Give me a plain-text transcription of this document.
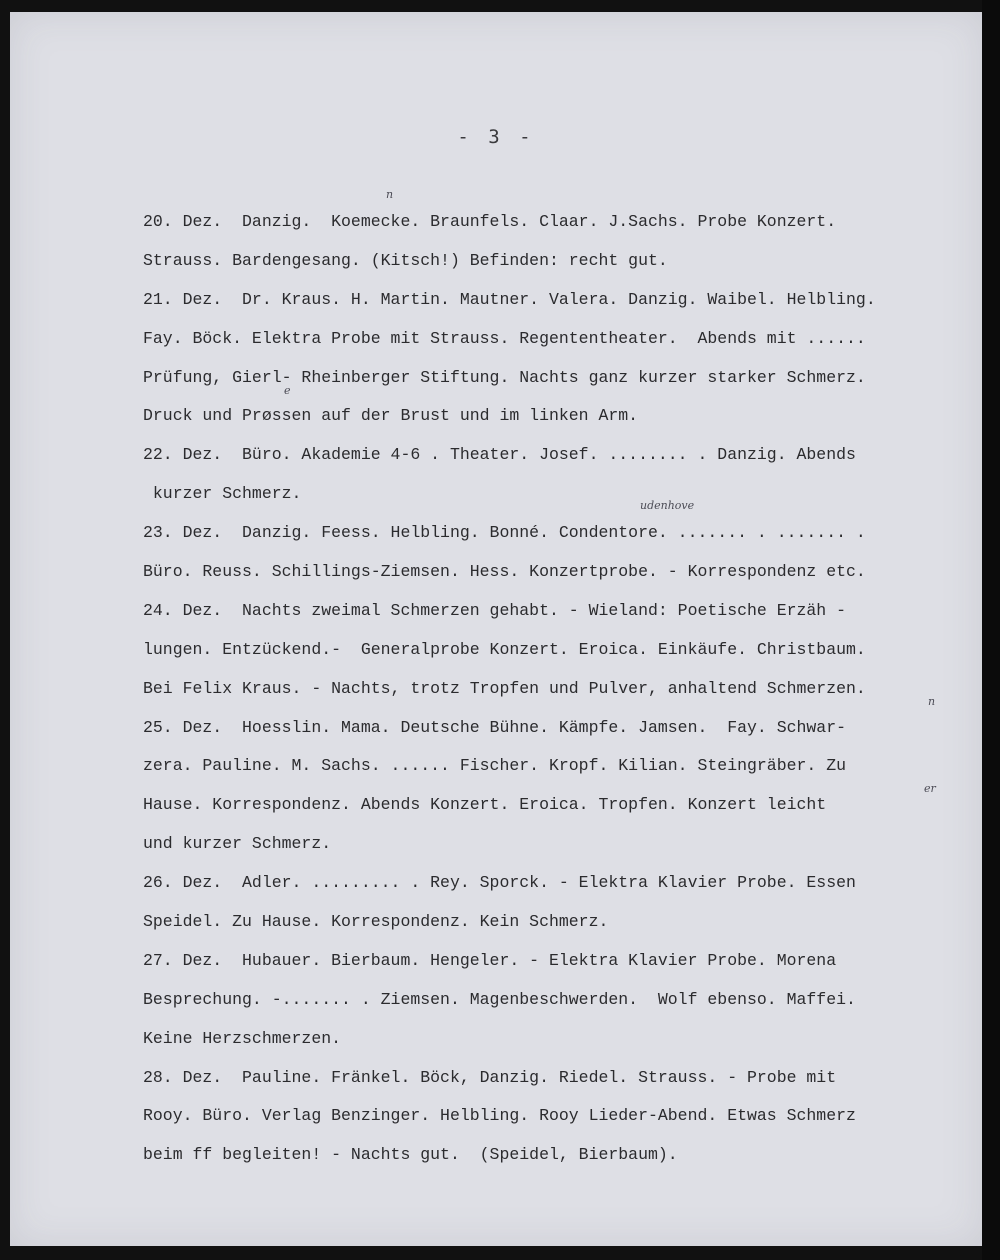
- 3 -
20. Dez.  Danzig.  Koemecke. Braunfels. Claar. J.Sachs. Probe Konzert.
Strauss. Bardengesang. (Kitsch!) Befinden: recht gut.
21. Dez.  Dr. Kraus. H. Martin. Mautner. Valera. Danzig. Waibel. Helbling.
Fay. Böck. Elektra Probe mit Strauss. Regententheater.  Abends mit ......
Prüfung, Gierl- Rheinberger Stiftung. Nachts ganz kurzer starker Schmerz.
Druck und Prøssen auf der Brust und im linken Arm.
22. Dez.  Büro. Akademie 4-6 . Theater. Josef. ........ . Danzig. Abends
kurzer Schmerz.
23. Dez.  Danzig. Feess. Helbling. Bonné. Condentore. ....... . ....... .
Büro. Reuss. Schillings-Ziemsen. Hess. Konzertprobe. - Korrespondenz etc.
24. Dez.  Nachts zweimal Schmerzen gehabt. - Wieland: Poetische Erzäh -
lungen. Entzückend.-  Generalprobe Konzert. Eroica. Einkäufe. Christbaum.
Bei Felix Kraus. - Nachts, trotz Tropfen und Pulver, anhaltend Schmerzen.
25. Dez.  Hoesslin. Mama. Deutsche Bühne. Kämpfe. Jamsen.  Fay. Schwar-
zera. Pauline. M. Sachs. ...... Fischer. Kropf. Kilian. Steingräber. Zu
Hause. Korrespondenz. Abends Konzert. Eroica. Tropfen. Konzert leicht
und kurzer Schmerz.
26. Dez.  Adler. ......... . Rey. Sporck. - Elektra Klavier Probe. Essen
Speidel. Zu Hause. Korrespondenz. Kein Schmerz.
27. Dez.  Hubauer. Bierbaum. Hengeler. - Elektra Klavier Probe. Morena
Besprechung. -....... . Ziemsen. Magenbeschwerden.  Wolf ebenso. Maffei.
Keine Herzschmerzen.
28. Dez.  Pauline. Fränkel. Böck, Danzig. Riedel. Strauss. - Probe mit
Rooy. Büro. Verlag Benzinger. Helbling. Rooy Lieder-Abend. Etwas Schmerz
beim ff begleiten! - Nachts gut.  (Speidel, Bierbaum).
n
e
udenhove
n
er
